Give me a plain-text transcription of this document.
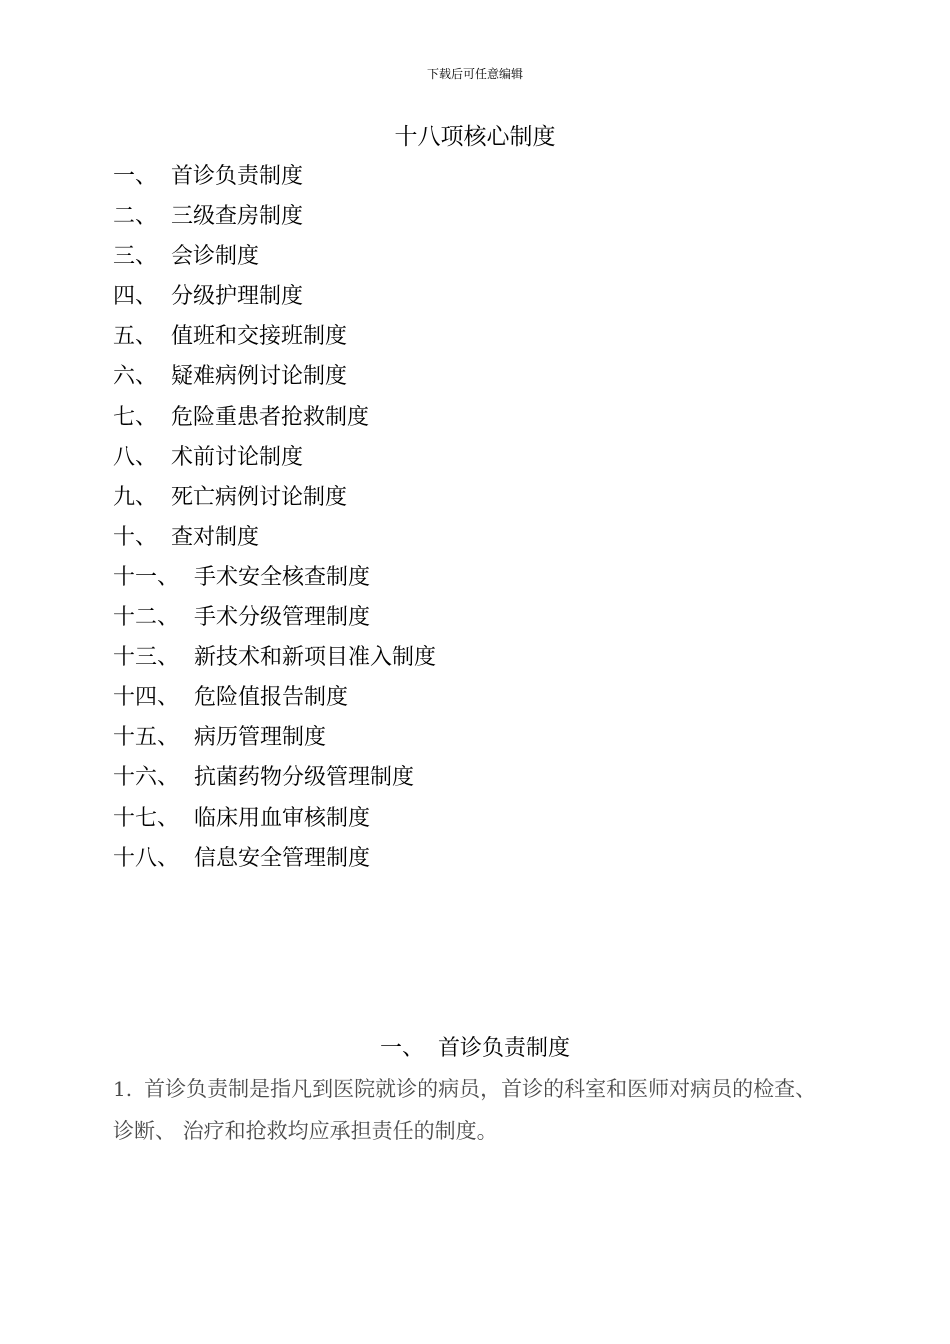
下载后可任意编辑
十八项核心制度
一、 首诊负责制度
二、 三级查房制度
三、 会诊制度
四、 分级护理制度
五、 值班和交接班制度
六、 疑难病例讨论制度
七、 危险重患者抢救制度
八、 术前讨论制度
九、 死亡病例讨论制度
十、 查对制度
十一、 手术安全核查制度
十二、 手术分级管理制度
十三、 新技术和新项目准入制度
十四、 危险值报告制度
十五、 病历管理制度
十六、 抗菌药物分级管理制度
十七、 临床用血审核制度
十八、 信息安全管理制度
一、 首诊负责制度

1. 首诊负责制是指凡到医院就诊的病员，首诊的科室和医师对病员的检查、 诊断、 治疗和抢救均应承担责任的制度。
